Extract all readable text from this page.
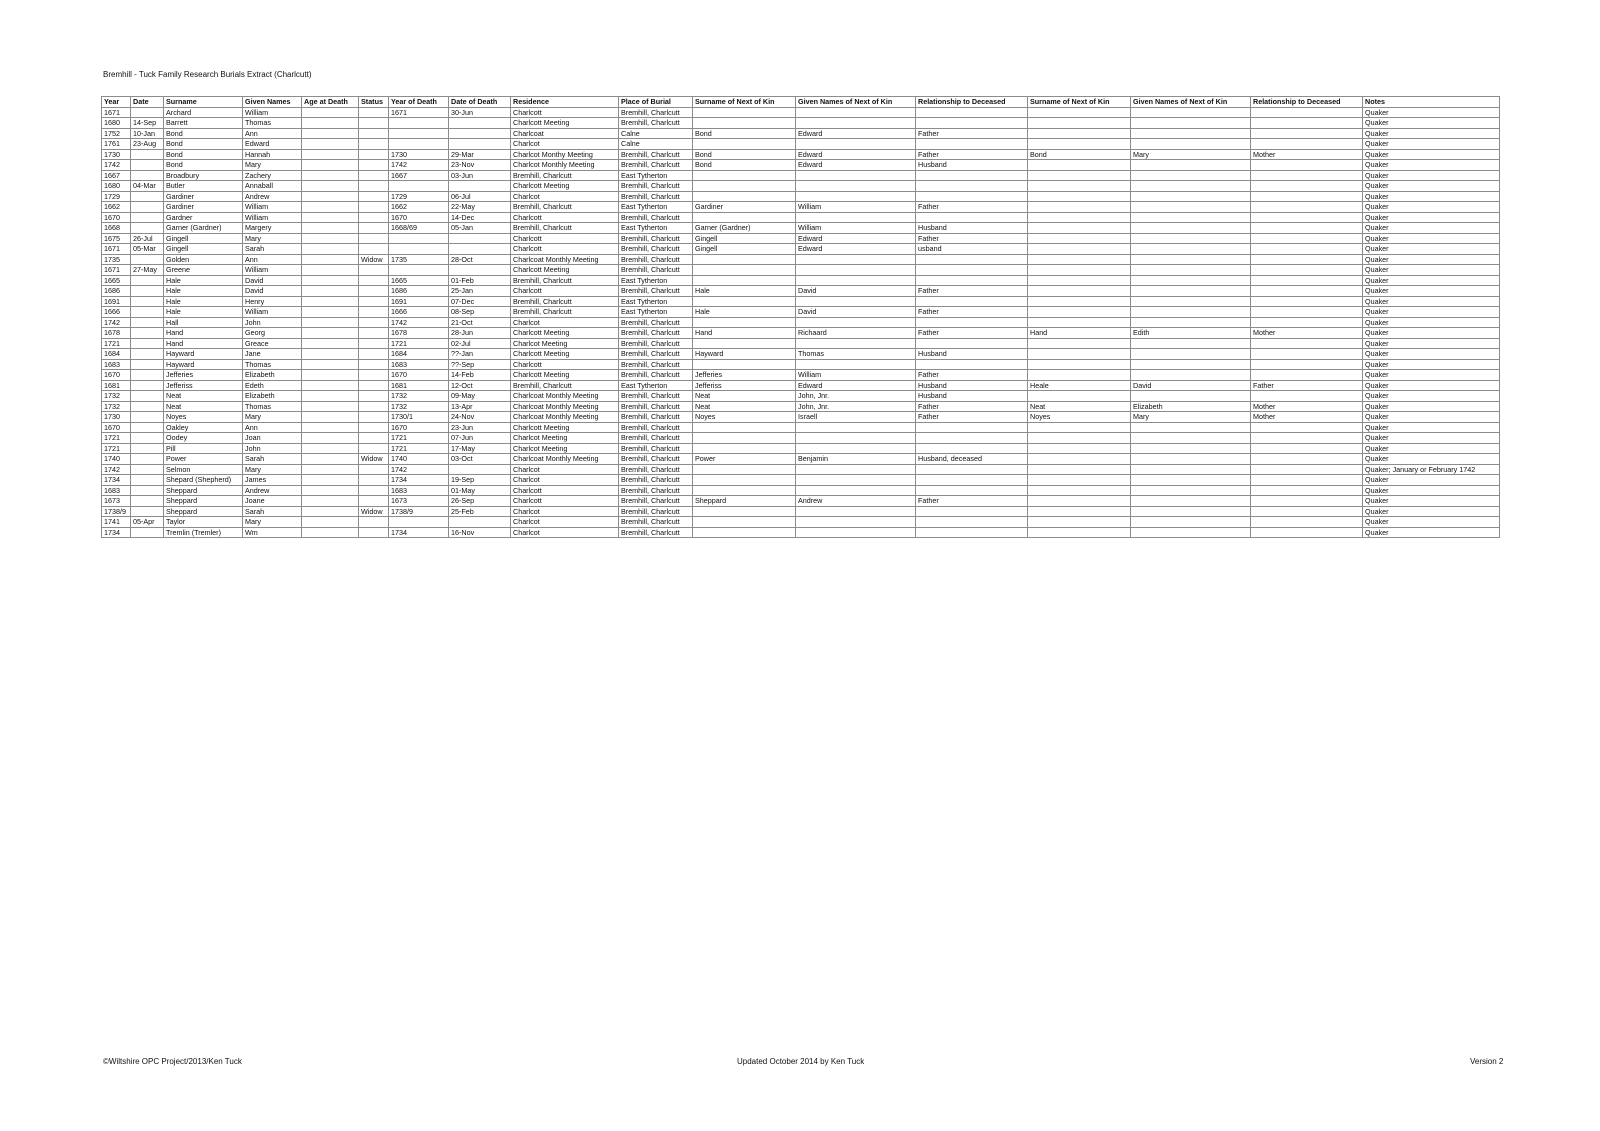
Bremhill - Tuck Family Research Burials Extract (Charlcutt)
Year	Date	Surname	Given Names	Age at Death	Status	Year of Death	Date of Death	Residence	Place of Burial	Surname of Next of Kin	Given Names of Next of Kin	Relationship to Deceased	Surname of Next of Kin	Given Names of Next of Kin	Relationship to Deceased	Notes
1671		Archard	William			1671	30-Jun	Charlcott	Bremhill, Charlcutt							Quaker
1680	14-Sep	Barrett	Thomas					Charlcott Meeting	Bremhill, Charlcutt							Quaker
1752	10-Jan	Bond	Ann					Charlcoat	Calne	Bond	Edward	Father				Quaker
1761	23-Aug	Bond	Edward					Charlcot	Calne							Quaker
1730		Bond	Hannah			1730	29-Mar	Charlcot Monthy Meeting	Bremhill, Charlcutt	Bond	Edward	Father	Bond	Mary	Mother	Quaker
1742		Bond	Mary			1742	23-Nov	Charlcot Monthly Meeting	Bremhill, Charlcutt	Bond	Edward	Husband				Quaker
1667		Broadbury	Zachery			1667	03-Jun	Bremhill, Charlcutt	East Tytherton							Quaker
1680	04-Mar	Butler	Annaball					Charlcott Meeting	Bremhill, Charlcutt							Quaker
1729		Gardiner	Andrew			1729	06-Jul	Charlcot	Bremhill, Charlcutt							Quaker
1662		Gardiner	William			1662	22-May	Bremhill, Charlcutt	East Tytherton	Gardiner	William	Father				Quaker
1670		Gardner	William			1670	14-Dec	Charlcott	Bremhill, Charlcutt							Quaker
1668		Garner (Gardner)	Margery			1668/69	05-Jan	Bremhill, Charlcutt	East Tytherton	Garner (Gardner)	William	Husband				Quaker
1675	26-Jul	Gingell	Mary					Charlcott	Bremhill, Charlcutt	Gingell	Edward	Father				Quaker
1671	05-Mar	Gingell	Sarah					Charlcott	Bremhill, Charlcutt	Gingell	Edward	usband				Quaker
1735		Golden	Ann		Widow	1735	28-Oct	Charlcoat Monthly Meeting	Bremhill, Charlcutt							Quaker
1671	27-May	Greene	William					Charlcott Meeting	Bremhill, Charlcutt							Quaker
1665		Hale	David			1665	01-Feb	Bremhill, Charlcutt	East Tytherton							Quaker
1686		Hale	David			1686	25-Jan	Charlcott	Bremhill, Charlcutt	Hale	David	Father				Quaker
1691		Hale	Henry			1691	07-Dec	Bremhill, Charlcutt	East Tytherton							Quaker
1666		Hale	William			1666	08-Sep	Bremhill, Charlcutt	East Tytherton	Hale	David	Father				Quaker
1742		Hall	John			1742	21-Oct	Charlcot	Bremhill, Charlcutt							Quaker
1678		Hand	Georg			1678	28-Jun	Charlcott Meeting	Bremhill, Charlcutt	Hand	Richaard	Father	Hand	Edith	Mother	Quaker
1721		Hand	Greace			1721	02-Jul	Charlcot Meeting	Bremhill, Charlcutt							Quaker
1684		Hayward	Jane			1684	??-Jan	Charlcott Meeting	Bremhill, Charlcutt	Hayward	Thomas	Husband				Quaker
1683		Hayward	Thomas			1683	??-Sep	Charlcott	Bremhill, Charlcutt							Quaker
1670		Jefferies	Elizabeth			1670	14-Feb	Charlcott Meeting	Bremhill, Charlcutt	Jefferies	William	Father				Quaker
1681		Jefferiss	Edeth			1681	12-Oct	Bremhill, Charlcutt	East Tytherton	Jefferiss	Edward	Husband	Heale	David	Father	Quaker
1732		Neat	Elizabeth			1732	09-May	Charlcoat Monthly Meeting	Bremhill, Charlcutt	Neat	John, Jnr.	Husband				Quaker
1732		Neat	Thomas			1732	13-Apr	Charlcoat Monthly Meeting	Bremhill, Charlcutt	Neat	John, Jnr.	Father	Neat	Elizabeth	Mother	Quaker
1730		Noyes	Mary			1730/1	24-Nov	Charlcoat Monthly Meeting	Bremhill, Charlcutt	Noyes	Israell	Father	Noyes	Mary	Mother	Quaker
1670		Oakley	Ann			1670	23-Jun	Charlcott Meeting	Bremhill, Charlcutt							Quaker
1721		Oodey	Joan			1721	07-Jun	Charlcot Meeting	Bremhill, Charlcutt							Quaker
1721		Pill	John			1721	17-May	Charlcot Meeting	Bremhill, Charlcutt							Quaker
1740		Power	Sarah		Widow	1740	03-Oct	Charlcoat Monthly Meeting	Bremhill, Charlcutt	Power	Benjamin	Husband, deceased				Quaker
1742		Selmon	Mary			1742		Charlcot	Bremhill, Charlcutt							Quaker; January or February 1742
1734		Shepard (Shepherd)	James			1734	19-Sep	Charlcot	Bremhill, Charlcutt							Quaker
1683		Sheppard	Andrew			1683	01-May	Charlcott	Bremhill, Charlcutt							Quaker
1673		Sheppard	Joane			1673	26-Sep	Charlcott	Bremhill, Charlcutt	Sheppard	Andrew	Father				Quaker
1738/9		Sheppard	Sarah		Widow	1738/9	25-Feb	Charlcot	Bremhill, Charlcutt							Quaker
1741	05-Apr	Taylor	Mary					Charlcot	Bremhill, Charlcutt							Quaker
1734		Tremlin (Tremler)	Wm			1734	16-Nov	Charlcot	Bremhill, Charlcutt							Quaker
©Wiltshire OPC Project/2013/Ken Tuck	Updated October 2014 by Ken Tuck	Version 2
